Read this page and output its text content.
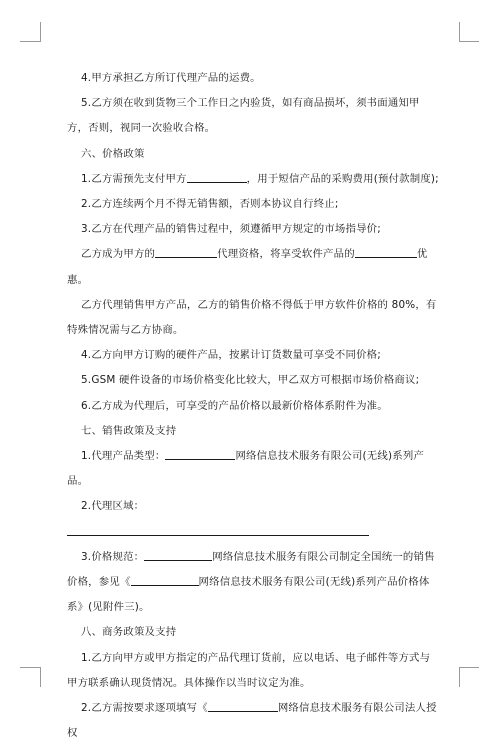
4.甲方承担乙方所订代理产品的运费。

5.乙方须在收到货物三个工作日之内验货，如有商品损坏，须书面通知甲方，否则，视同一次验收合格。

六、价格政策

1.乙方需预先支付甲方	，用于短信产品的采购费用(预付款制度);

2.乙方连续两个月不得无销售额，否则本协议自行终止;

3.乙方在代理产品的销售过程中，须遵循甲方规定的市场指导价;

乙方成为甲方的	代理资格，将享受软件产品的	优惠。

乙方代理销售甲方产品，乙方的销售价格不得低于甲方软件价格的 80%，有特殊情况需与乙方协商。

4.乙方向甲方订购的硬件产品，按累计订货数量可享受不同价格;

5.GSM 硬件设备的市场价格变化比较大，甲乙双方可根据市场价格商议;

6.乙方成为代理后，可享受的产品价格以最新价格体系附件为准。

七、销售政策及支持

1.代理产品类型：	网络信息技术服务有限公司(无线)系列产品。

2.代理区域：

3.价格规范：	网络信息技术服务有限公司制定全国统一的销售价格，参见《	网络信息技术服务有限公司(无线)系列产品价格体系》(见附件三)。

八、商务政策及支持

1.乙方向甲方或甲方指定的产品代理订货前，应以电话、电子邮件等方式与甲方联系确认现货情况。具体操作以当时议定为准。

2.乙方需按要求逐项填写《	网络信息技术服务有限公司法人授权
